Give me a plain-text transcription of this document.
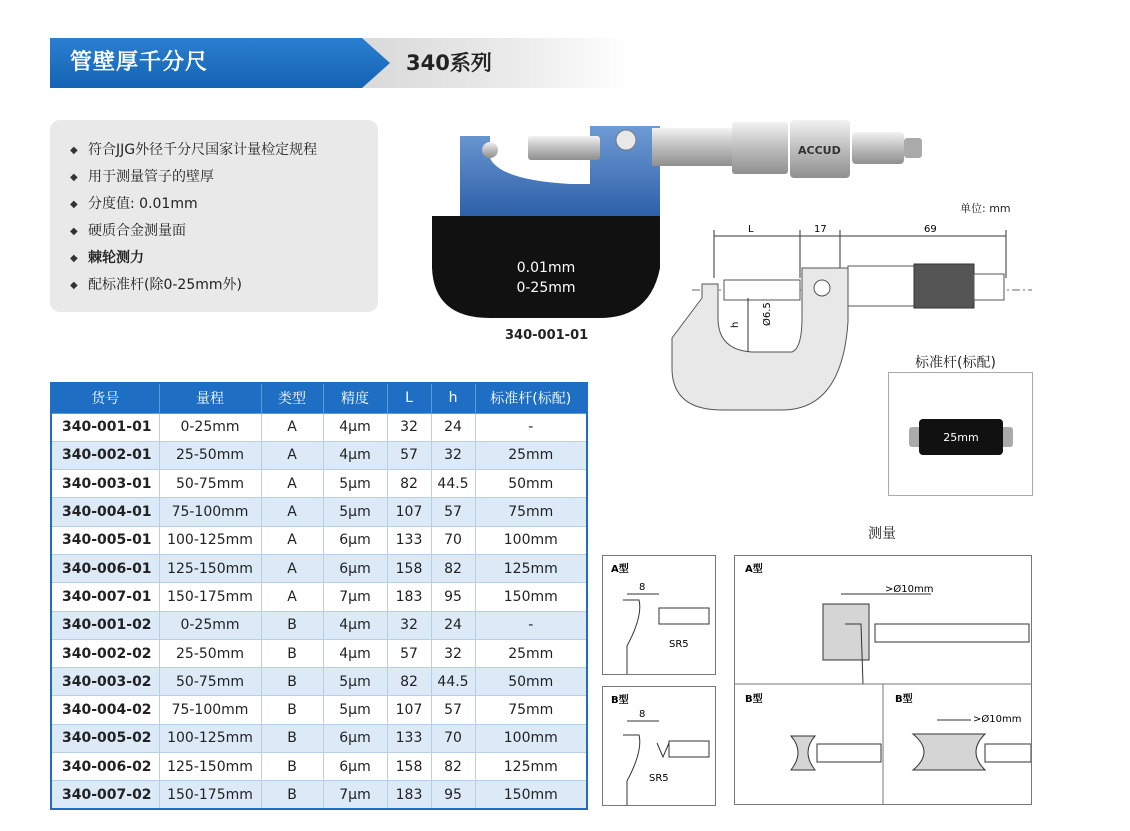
管壁厚千分尺	340系列
◆ 符合JJG外径千分尺国家计量检定规程
◆ 用于测量管子的壁厚
◆ 分度值: 0.01mm
◆ 硬质合金测量面
◆ 棘轮测力
◆ 配标准杆(除0-25mm外)
ACCUD
0.01mm
0-25mm
340-001-01
单位: mm
L	17	69
Ø6.5
h
标准杆(标配)
25mm
货号	量程	类型	精度	L	h	标准杆(标配)
340-001-01	0-25mm	A	4μm	32	24	-
340-002-01	25-50mm	A	4μm	57	32	25mm
340-003-01	50-75mm	A	5μm	82	44.5	50mm
340-004-01	75-100mm	A	5μm	107	57	75mm
340-005-01	100-125mm	A	6μm	133	70	100mm
340-006-01	125-150mm	A	6μm	158	82	125mm
340-007-01	150-175mm	A	7μm	183	95	150mm
340-001-02	0-25mm	B	4μm	32	24	-
340-002-02	25-50mm	B	4μm	57	32	25mm
340-003-02	50-75mm	B	5μm	82	44.5	50mm
340-004-02	75-100mm	B	5μm	107	57	75mm
340-005-02	100-125mm	B	6μm	133	70	100mm
340-006-02	125-150mm	B	6μm	158	82	125mm
340-007-02	150-175mm	B	7μm	183	95	150mm
测量
A型
8
SR5
B型
8
SR5
A型
>Ø10mm
B型	B型
>Ø10mm
